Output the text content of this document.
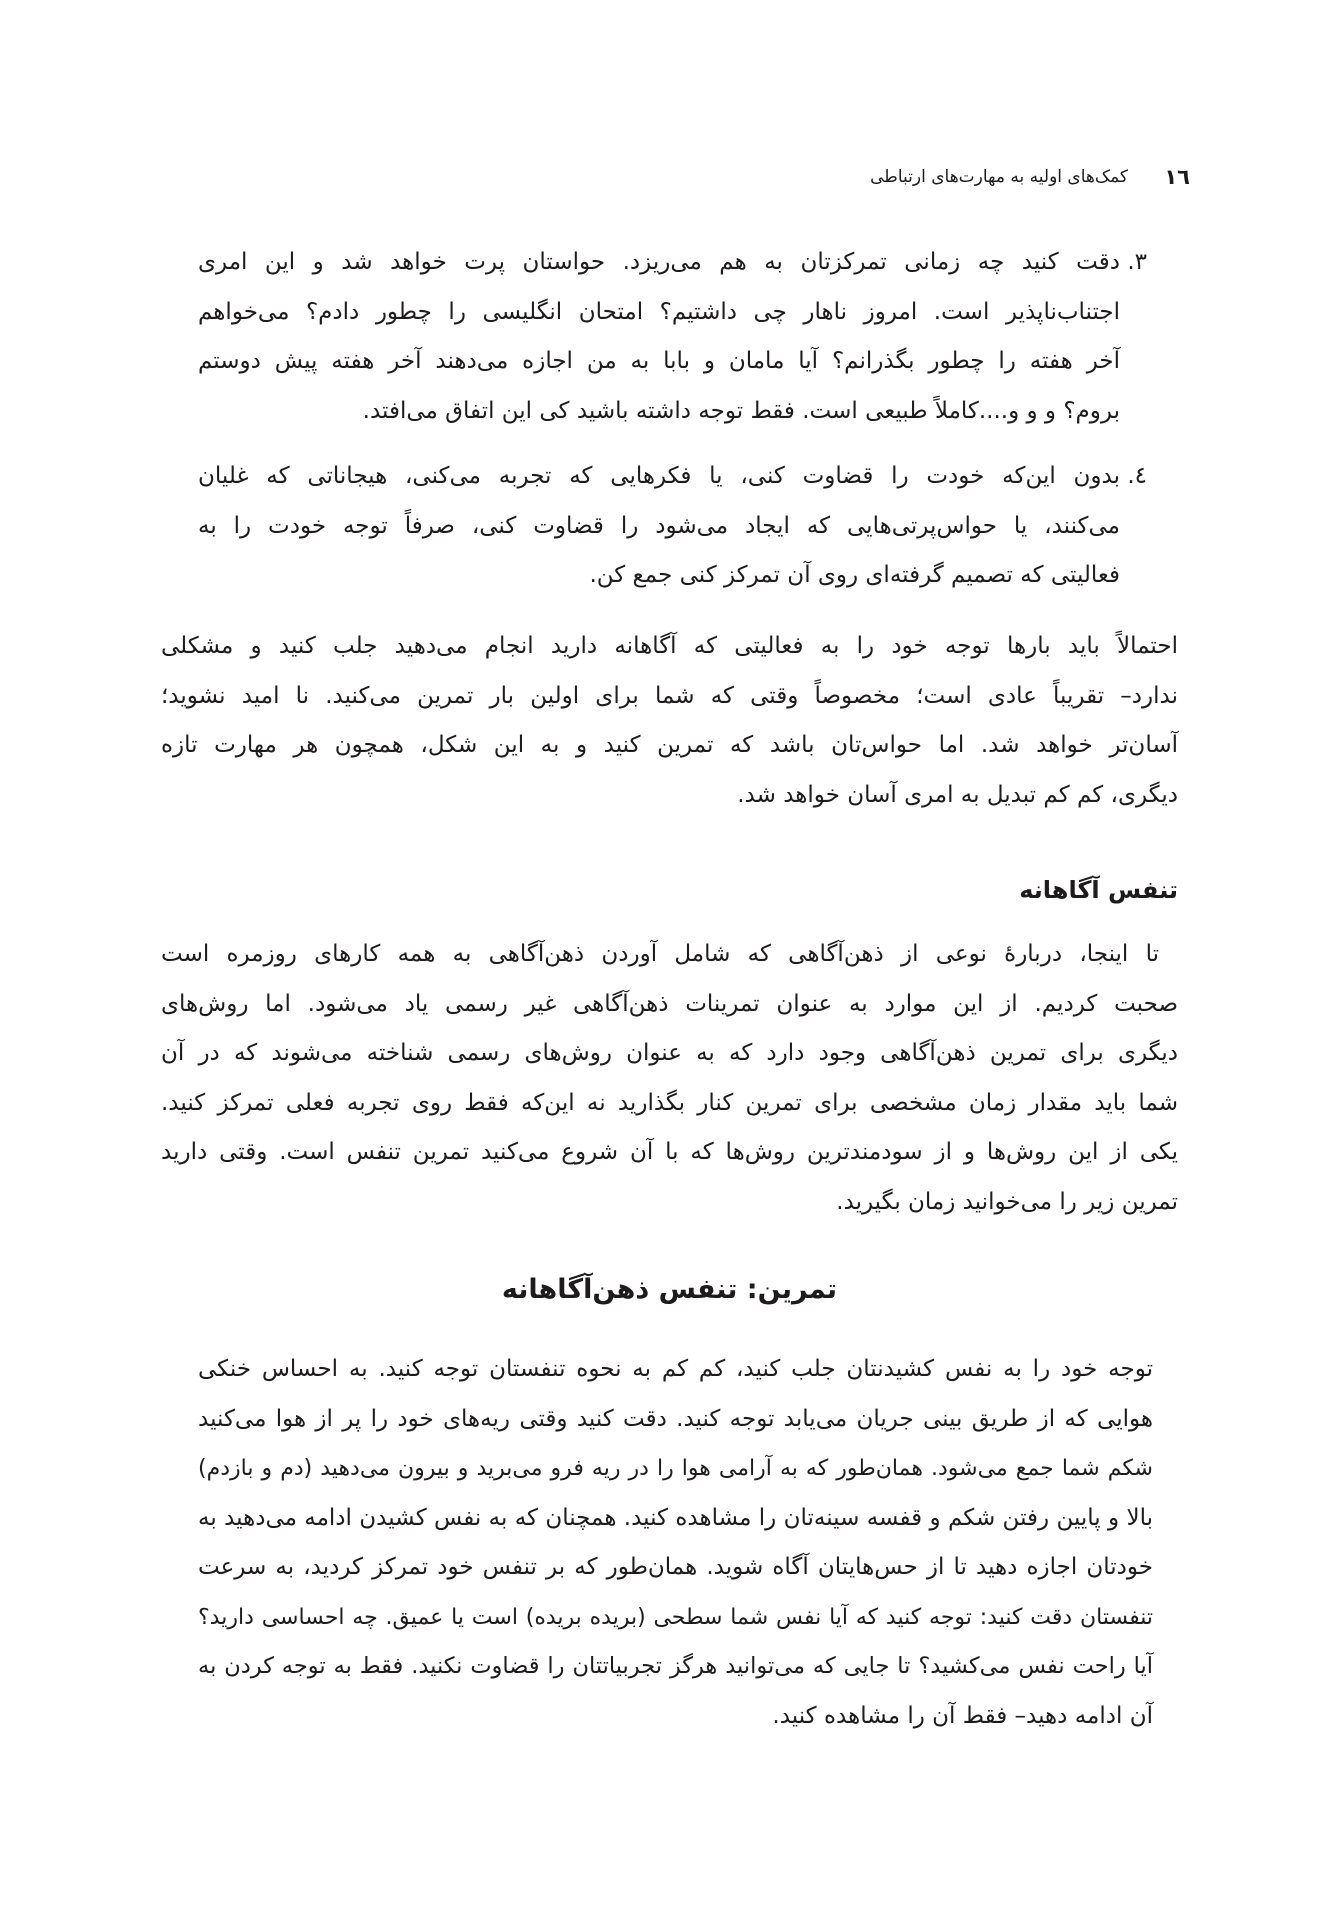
١٦
کمک‌های اولیه به مهارت‌های ارتباطی
۳.
دقت کنید چه زمانی تمرکزتان به هم می‌ریزد. حواستان پرت خواهد شد و این امری
اجتناب‌ناپذیر است. امروز ناهار چی داشتیم؟ امتحان انگلیسی را چطور دادم؟ می‌خواهم
آخر هفته را چطور بگذرانم؟ آیا مامان و بابا به من اجازه می‌دهند آخر هفته پیش دوستم
بروم؟ و و و....کاملاً طبیعی است. فقط توجه داشته باشید کی این اتفاق می‌افتد.
٤.
بدون این‌که خودت را قضاوت کنی، یا فکرهایی که تجربه می‌کنی، هیجاناتی که غلیان
می‌کنند، یا حواس‌پرتی‌هایی که ایجاد می‌شود را قضاوت کنی، صرفاً توجه خودت را به
فعالیتی که تصمیم گرفته‌ای روی آن تمرکز کنی جمع کن.
احتمالاً باید بارها توجه خود را به فعالیتی که آگاهانه دارید انجام می‌دهید جلب کنید و مشکلی
ندارد– تقریباً عادی است؛ مخصوصاً وقتی که شما برای اولین بار تمرین می‌کنید. نا امید نشوید؛
آسان‌تر خواهد شد. اما حواس‌تان باشد که تمرین کنید و به این شکل، همچون هر مهارت تازه
دیگری، کم کم تبدیل به امری آسان خواهد شد.
تنفس آگاهانه
تا اینجا، دربارهٔ نوعی از ذهن‌آگاهی که شامل آوردن ذهن‌آگاهی به همه کارهای روزمره است
صحبت کردیم. از این موارد به عنوان تمرینات ذهن‌آگاهی غیر رسمی یاد می‌شود. اما روش‌های
دیگری برای تمرین ذهن‌آگاهی وجود دارد که به عنوان روش‌های رسمی شناخته می‌شوند که در آن
شما باید مقدار زمان مشخصی برای تمرین کنار بگذارید نه این‌که فقط روی تجربه فعلی تمرکز کنید.
یکی از این روش‌ها و از سودمندترین روش‌ها که با آن شروع می‌کنید تمرین تنفس است. وقتی دارید
تمرین زیر را می‌خوانید زمان بگیرید.
تمرین: تنفس ذهن‌آگاهانه
توجه خود را به نفس کشیدنتان جلب کنید، کم کم به نحوه تنفستان توجه کنید. به احساس خنکی
هوایی که از طریق بینی جریان می‌یابد توجه کنید. دقت کنید وقتی ریه‌های خود را پر از هوا می‌کنید
شکم شما جمع می‌شود. همان‌طور که به آرامی هوا را در ریه فرو می‌برید و بیرون می‌دهید (دم و بازدم)
بالا و پایین رفتن شکم و قفسه سینه‌تان را مشاهده کنید. همچنان که به نفس کشیدن ادامه می‌دهید به
خودتان اجازه دهید تا از حس‌هایتان آگاه شوید. همان‌طور که بر تنفس خود تمرکز کردید، به سرعت
تنفستان دقت کنید: توجه کنید که آیا نفس شما سطحی (بریده بریده) است یا عمیق. چه احساسی دارید؟
آیا راحت نفس می‌کشید؟ تا جایی که می‌توانید هرگز تجربیاتتان را قضاوت نکنید. فقط به توجه کردن به
آن ادامه دهید– فقط آن را مشاهده کنید.
